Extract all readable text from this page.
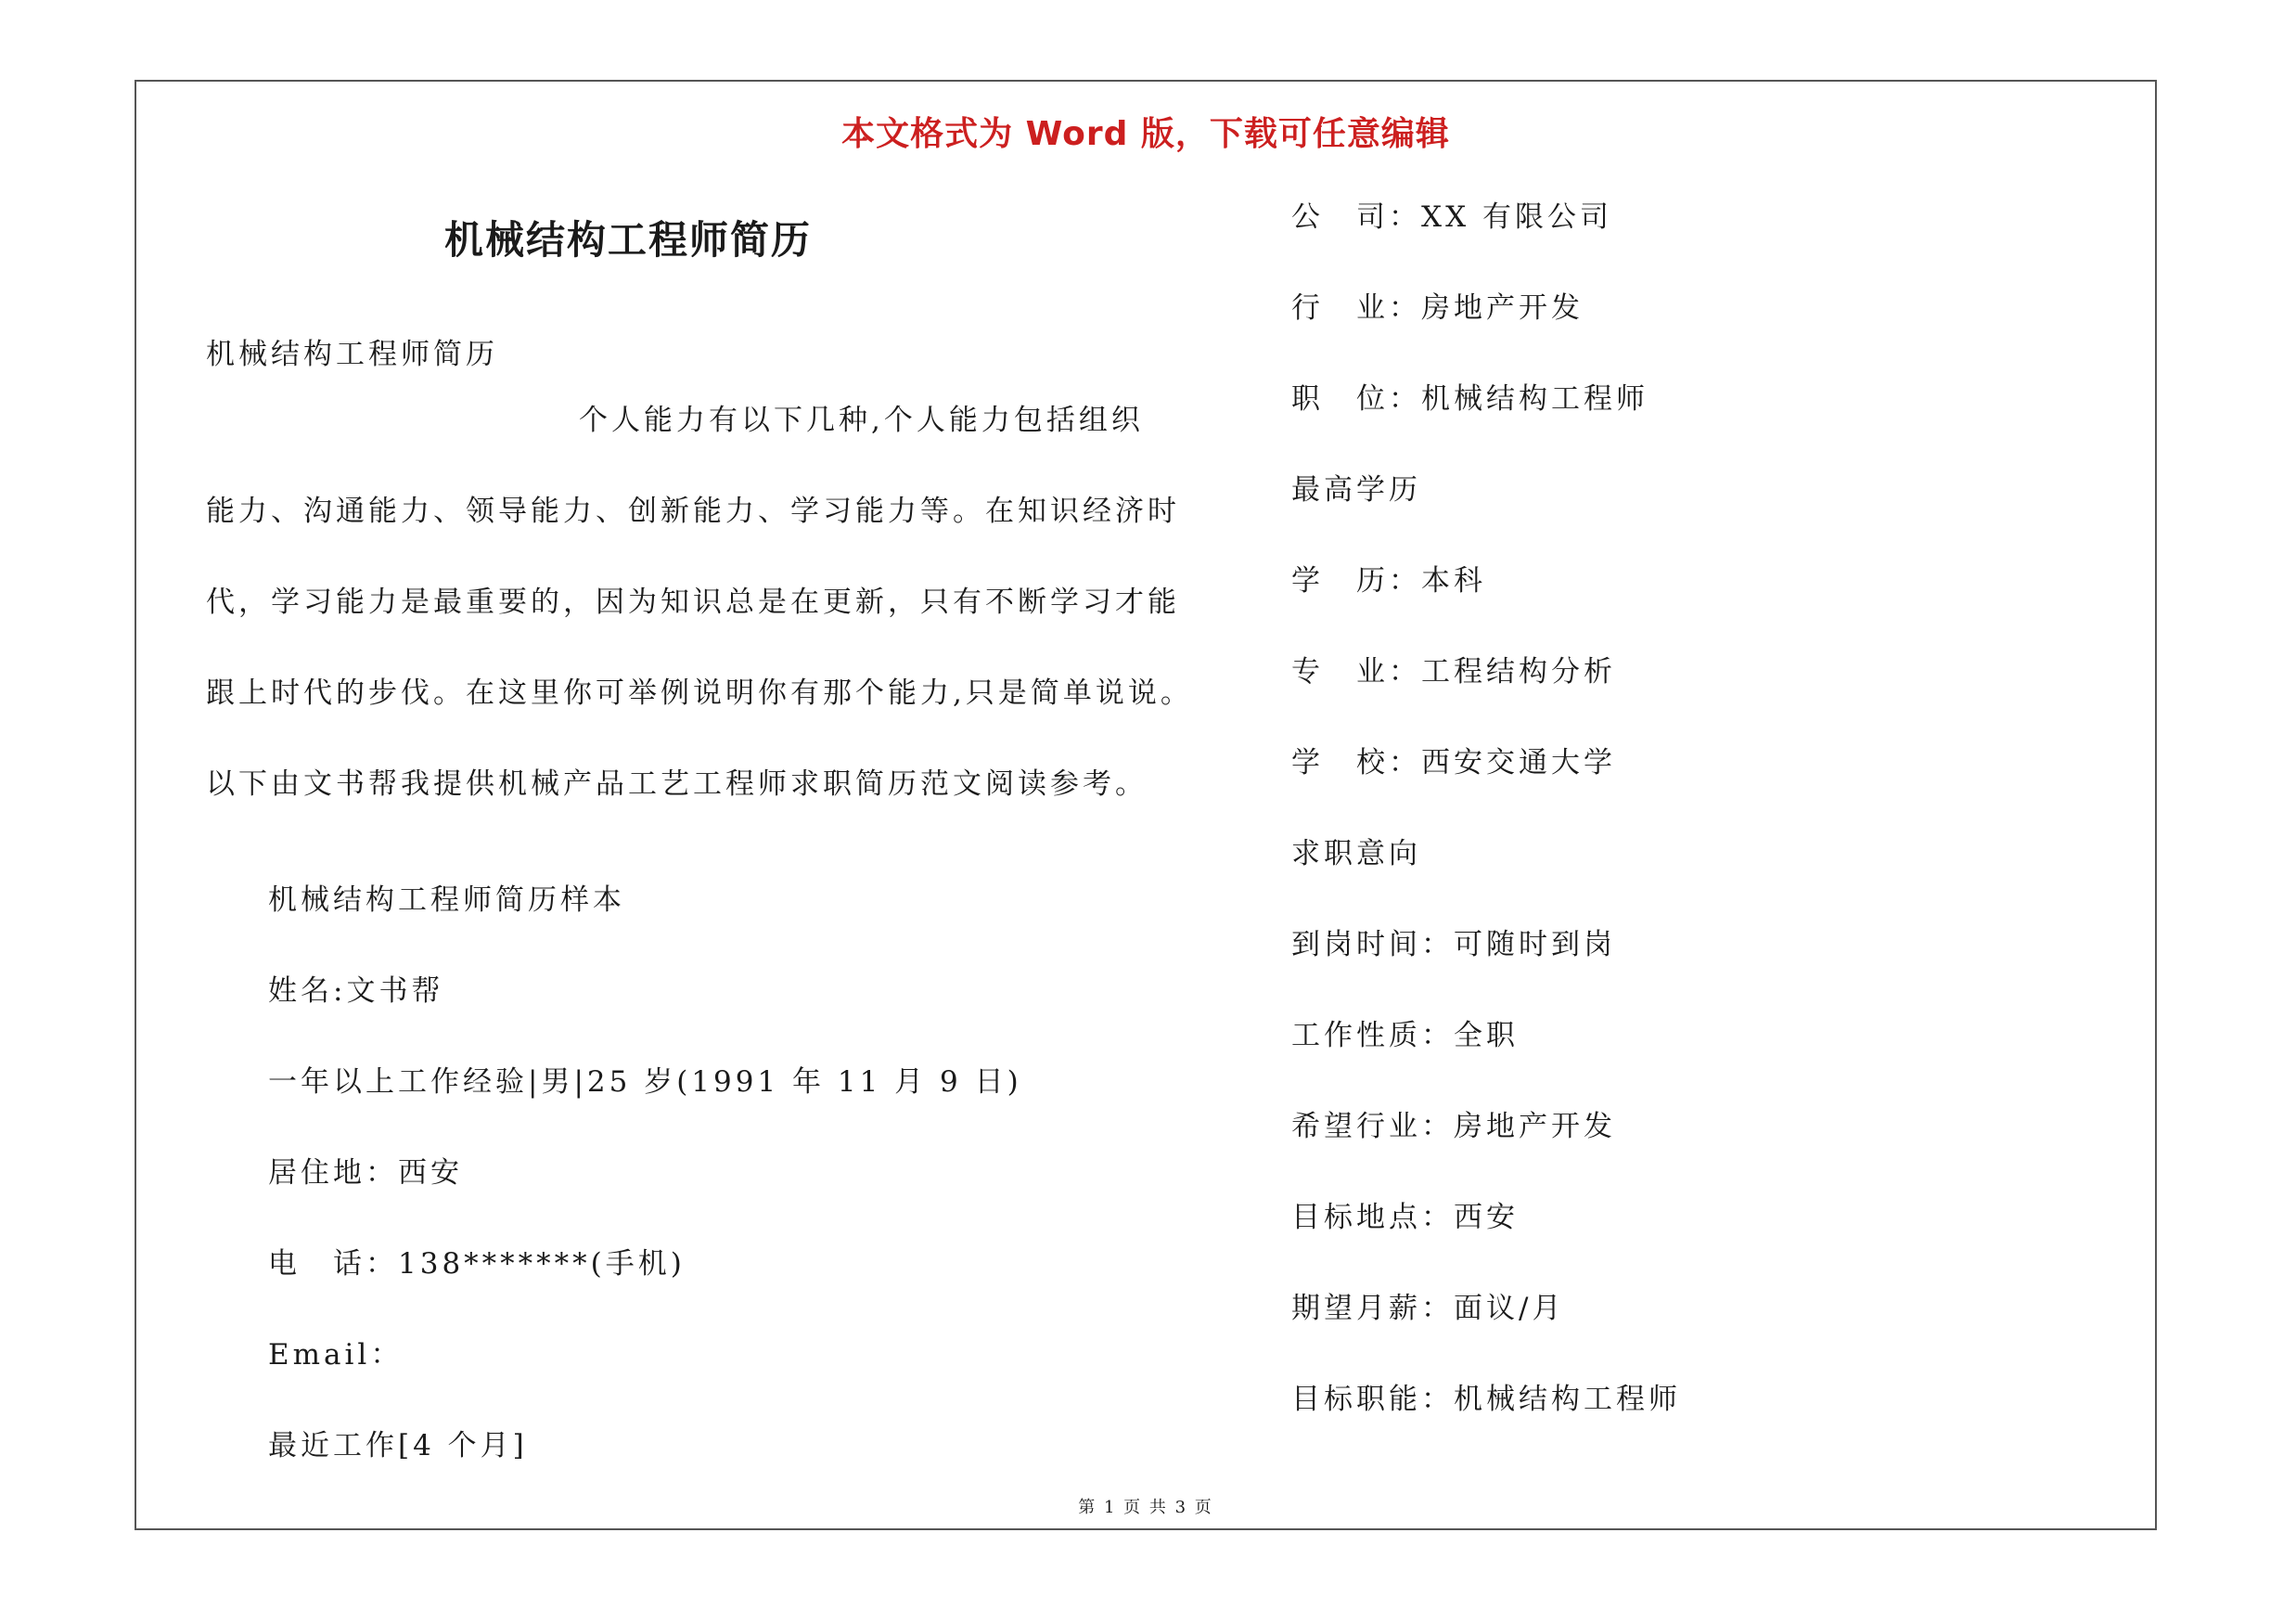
本文格式为 Word 版，下载可任意编辑
机械结构工程师简历
机械结构工程师简历
个人能力有以下几种,个人能力包括组织
能力、沟通能力、领导能力、创新能力、学习能力等。在知识经济时
代，学习能力是最重要的，因为知识总是在更新，只有不断学习才能
跟上时代的步伐。在这里你可举例说明你有那个能力,只是简单说说。
以下由文书帮我提供机械产品工艺工程师求职简历范文阅读参考。
机械结构工程师简历样本
姓名:文书帮
一年以上工作经验|男|25 岁(1991 年 11 月 9 日)
居住地：西安
电　话：138*******(手机)
Email：
最近工作[4 个月]
公　司：XX 有限公司
行　业：房地产开发
职　位：机械结构工程师
最高学历
学　历：本科
专　业：工程结构分析
学　校：西安交通大学
求职意向
到岗时间：可随时到岗
工作性质：全职
希望行业：房地产开发
目标地点：西安
期望月薪：面议/月
目标职能：机械结构工程师
第 1 页 共 3 页
